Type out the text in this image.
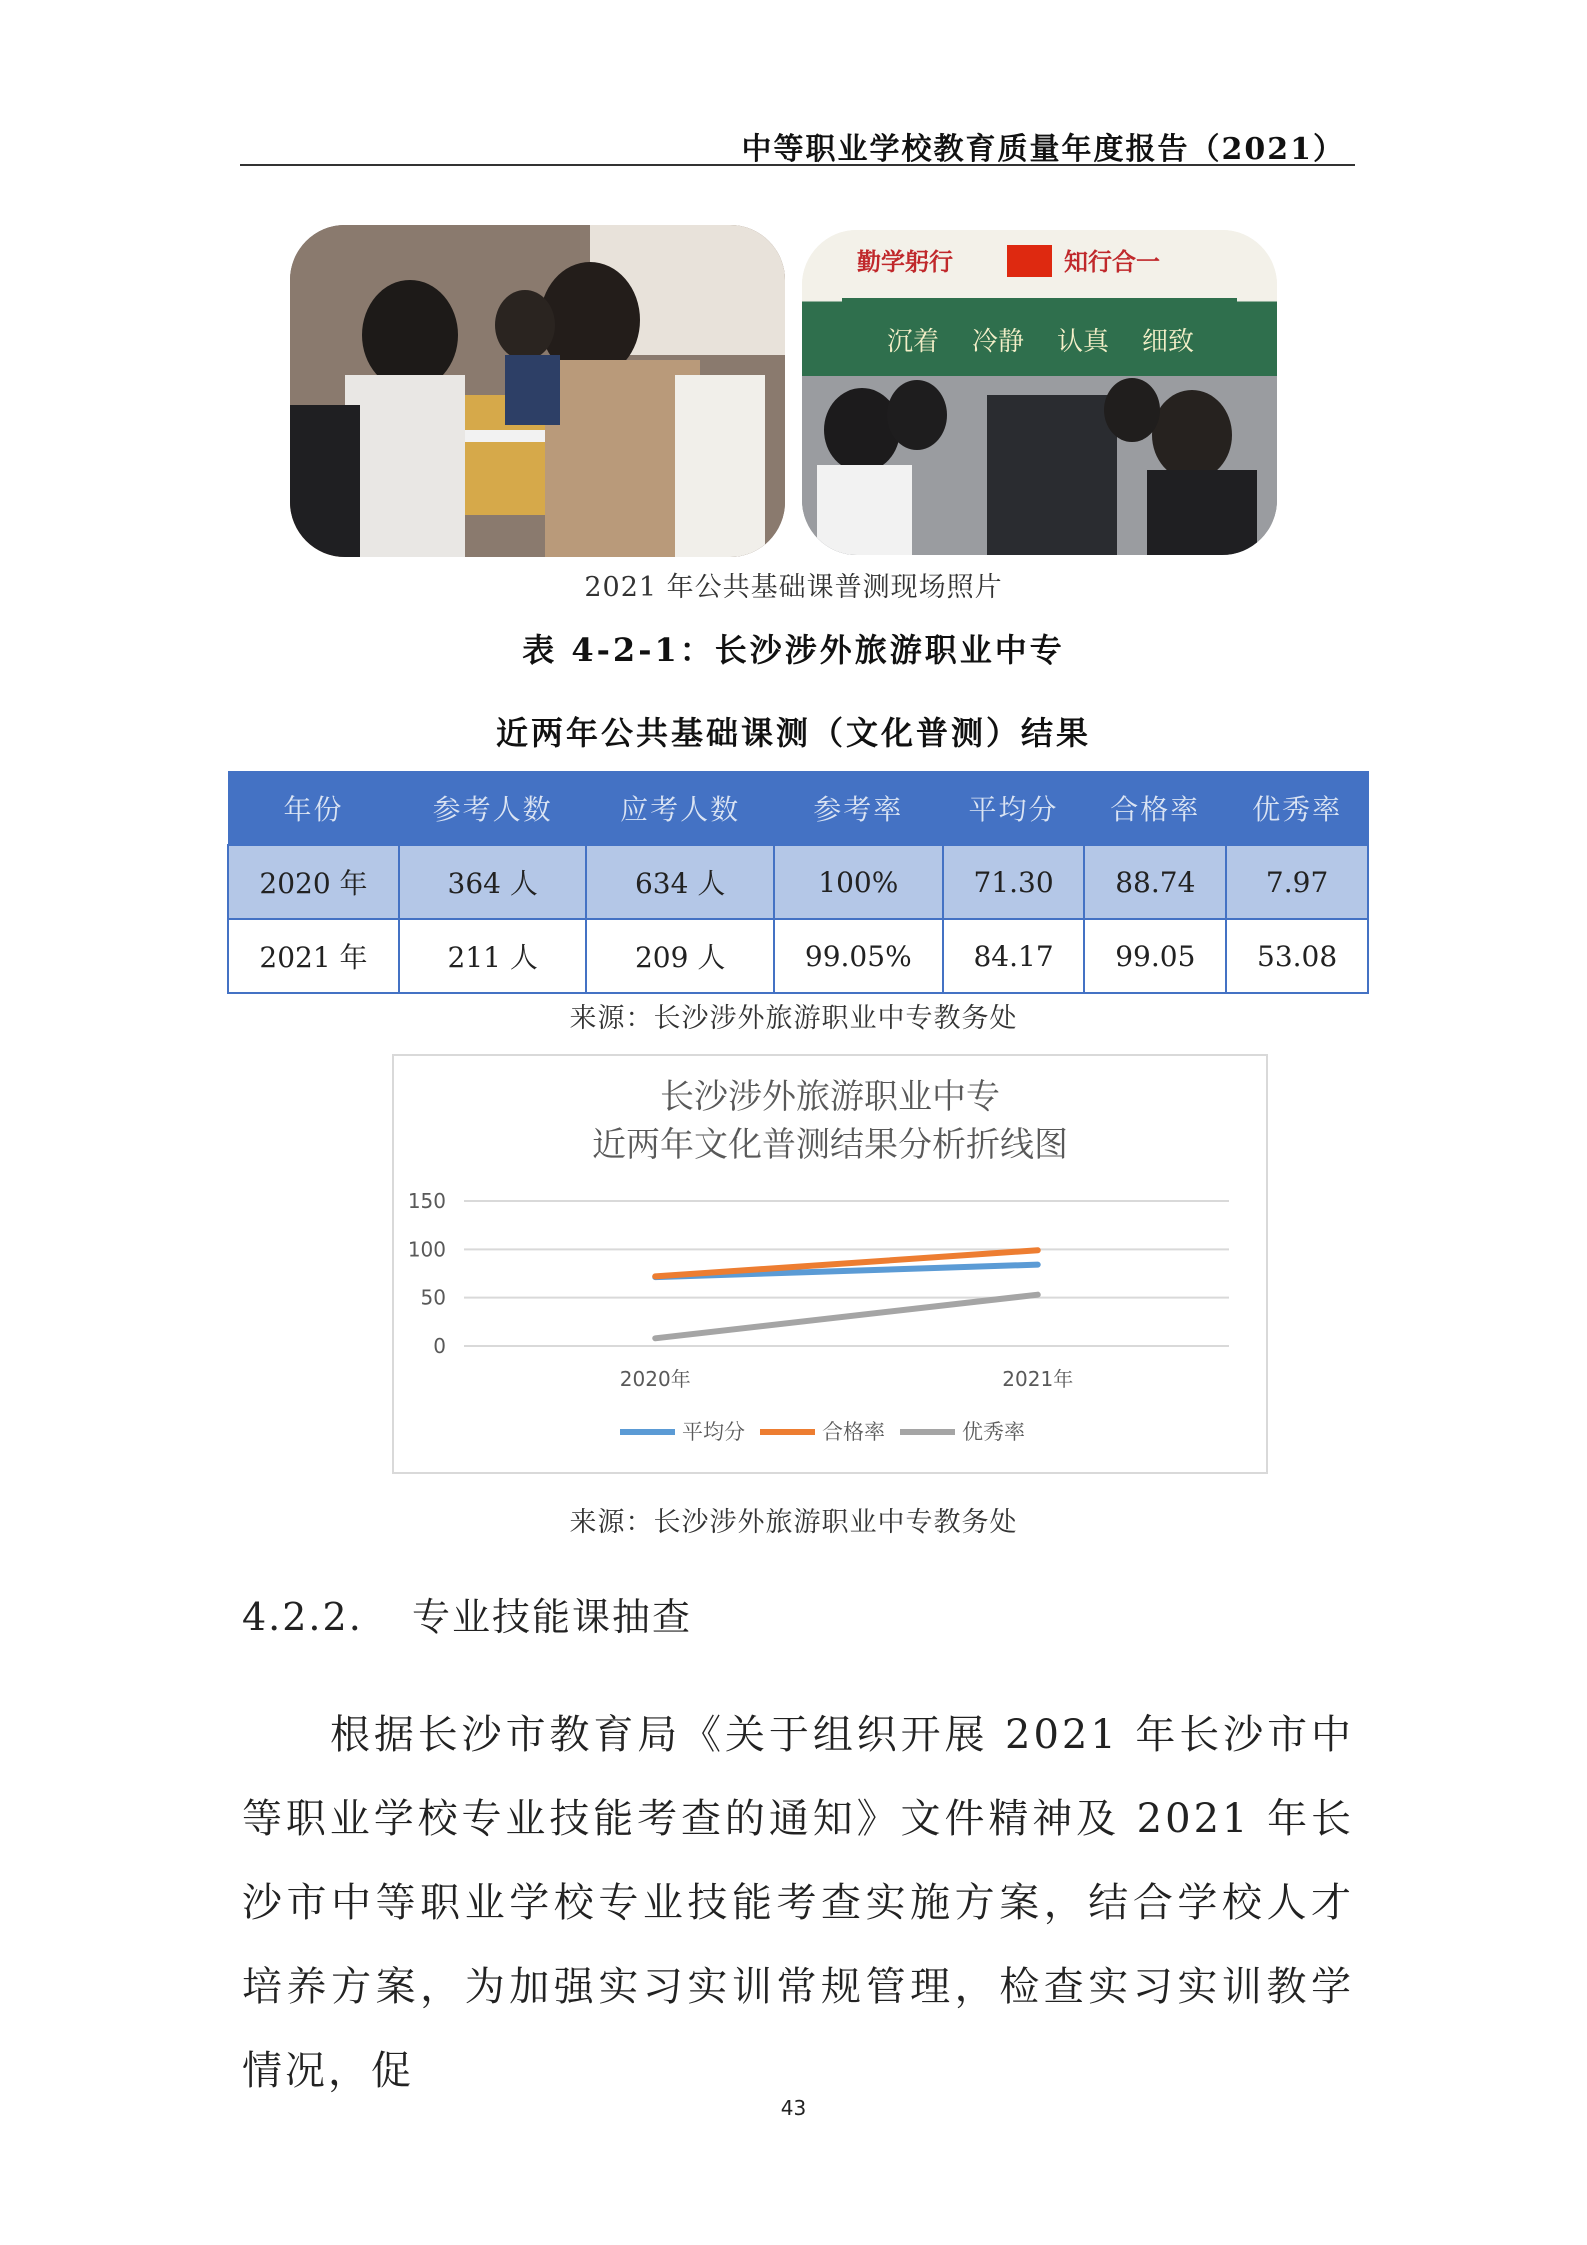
中等职业学校教育质量年度报告（2021）
勤学躬行	知行合一
沉着 冷静 认真 细致
2021 年公共基础课普测现场照片
表 4-2-1：长沙涉外旅游职业中专
近两年公共基础课测（文化普测）结果
年份	参考人数	应考人数	参考率	平均分	合格率	优秀率
2020 年	364 人	634 人	100%	71.30	88.74	7.97
2021 年	211 人	209 人	99.05%	84.17	99.05	53.08
来源：长沙涉外旅游职业中专教务处
长沙涉外旅游职业中专
近两年文化普测结果分析折线图
0
50
100
150
2020年	2021年
平均分	合格率	优秀率
来源：长沙涉外旅游职业中专教务处
4.2.2. 专业技能课抽查

根据长沙市教育局《关于组织开展 2021 年长沙市中等职业学校专业技能考查的通知》文件精神及 2021 年长沙市中等职业学校专业技能考查实施方案，结合学校人才培养方案，为加强实习实训常规管理，检查实习实训教学情况，促

43
